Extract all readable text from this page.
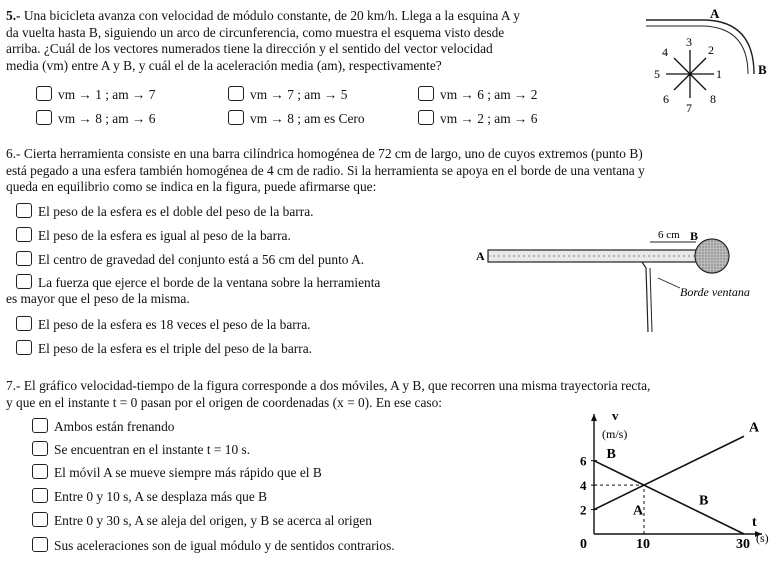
5.- Una bicicleta avanza con velocidad de módulo constante, de 20 km/h. Llega a la esquina A y
da vuelta hasta B, siguiendo un arco de circunferencia, como muestra el esquema visto desde
arriba. ¿Cuál de los vectores numerados tiene la dirección y el sentido del vector velocidad
media (vm) entre A y B, y cuál el de la aceleración media (am), respectivamente?
vm → 1 ; am → 7	vm → 7 ; am → 5	vm → 6 ; am → 2
vm → 8 ; am → 6	vm → 8 ; am es Cero	vm → 2 ; am → 6
A
B
1
2
3
4
5
6
7
8
6.- Cierta herramienta consiste en una barra cilíndrica homogénea de 72 cm de largo, uno de cuyos extremos (punto B)
está pegado a una esfera también homogénea de 4 cm de radio. Si la herramienta se apoya en el borde de una ventana y
queda en equilibrio como se indica en la figura, puede afirmarse que:
El peso de la esfera es el doble del peso de la barra.
El peso de la esfera es igual al peso de la barra.
El centro de gravedad del conjunto está a 56 cm del punto A.
La fuerza que ejerce el borde de la ventana sobre la herramienta
es mayor que el peso de la misma.
El peso de la esfera es 18 veces el peso de la barra.
El peso de la esfera es el triple del peso de la barra.
A
B
6 cm
Borde ventana
7.- El gráfico velocidad-tiempo de la figura corresponde a dos móviles, A y B, que recorren una misma trayectoria recta,
y que en el instante t = 0 pasan por el origen de coordenadas (x = 0). En ese caso:
Ambos están frenando
Se encuentran en el instante t = 10 s.
El móvil A se mueve siempre más rápido que el B
Entre 0 y 10 s, A se desplaza más que B
Entre 0 y 30 s, A se aleja del origen, y B se acerca al origen
Sus aceleraciones son de igual módulo y de sentidos contrarios.
v
(m/s)
t
(s)
2
4
6
0	10	30
A
A
B
B
